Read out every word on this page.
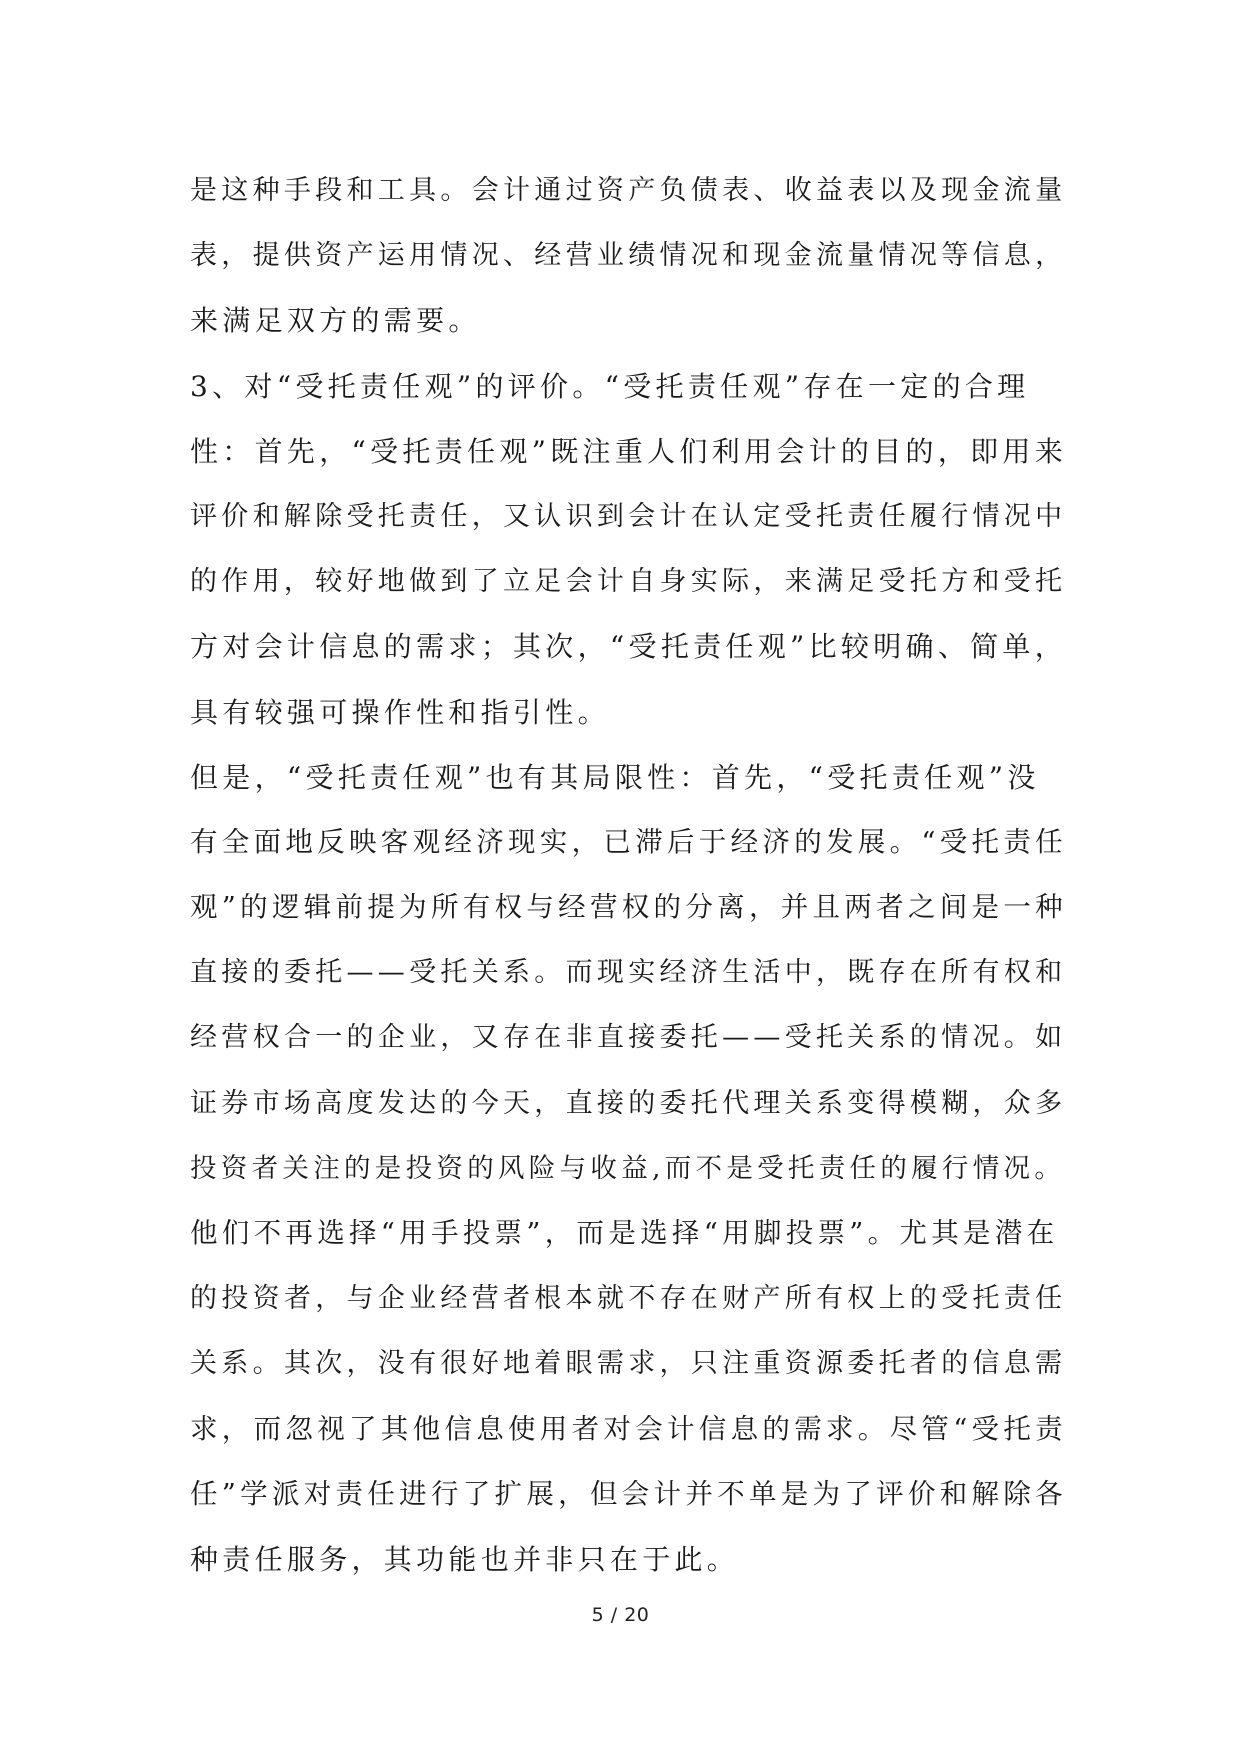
是这种手段和工具。会计通过资产负债表、收益表以及现金流量

表，提供资产运用情况、经营业绩情况和现金流量情况等信息，

来满足双方的需要。

3、对“受托责任观”的评价。“受托责任观”存在一定的合理

性：首先，“受托责任观”既注重人们利用会计的目的，即用来

评价和解除受托责任，又认识到会计在认定受托责任履行情况中

的作用，较好地做到了立足会计自身实际，来满足受托方和受托

方对会计信息的需求；其次，“受托责任观”比较明确、简单，

具有较强可操作性和指引性。

但是，“受托责任观”也有其局限性：首先，“受托责任观”没

有全面地反映客观经济现实，已滞后于经济的发展。“受托责任

观”的逻辑前提为所有权与经营权的分离，并且两者之间是一种

直接的委托——受托关系。而现实经济生活中，既存在所有权和

经营权合一的企业，又存在非直接委托——受托关系的情况。如

证券市场高度发达的今天，直接的委托代理关系变得模糊，众多

投资者关注的是投资的风险与收益,而不是受托责任的履行情况。

他们不再选择“用手投票”，而是选择“用脚投票”。尤其是潜在

的投资者，与企业经营者根本就不存在财产所有权上的受托责任

关系。其次，没有很好地着眼需求，只注重资源委托者的信息需

求，而忽视了其他信息使用者对会计信息的需求。尽管“受托责

任”学派对责任进行了扩展，但会计并不单是为了评价和解除各

种责任服务，其功能也并非只在于此。

5 / 20
